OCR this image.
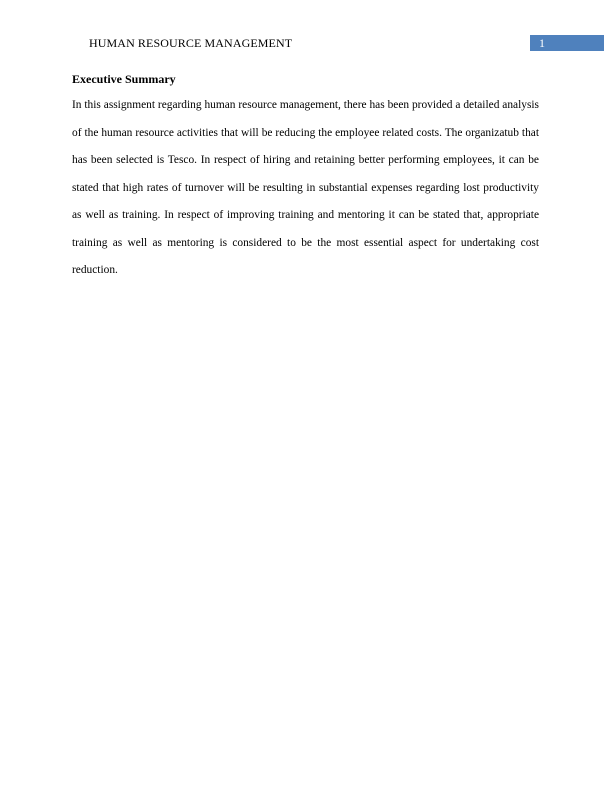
HUMAN RESOURCE MANAGEMENT	1
Executive Summary

In this assignment regarding human resource management, there has been provided a detailed analysis of the human resource activities that will be reducing the employee related costs. The organizatub that has been selected is Tesco. In respect of hiring and retaining better performing employees, it can be stated that high rates of turnover will be resulting in substantial expenses regarding lost productivity as well as training. In respect of improving training and mentoring it can be stated that, appropriate training as well as mentoring is considered to be the most essential aspect for undertaking cost reduction.
